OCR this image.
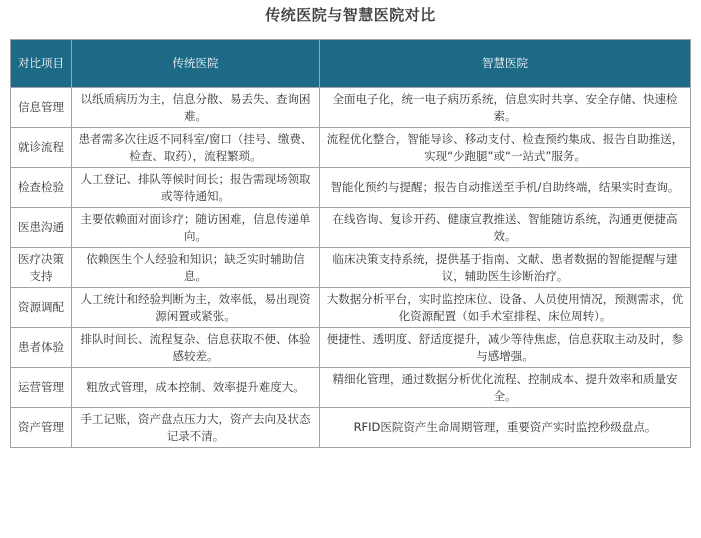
传统医院与智慧医院对比
对比项目	传统医院	智慧医院
信息管理	以纸质病历为主，信息分散、易丢失、查询困难。	全面电子化，统一电子病历系统，信息实时共享、安全存储、快速检索。
就诊流程	患者需多次往返不同科室/窗口（挂号、缴费、检查、取药），流程繁琐。	流程优化整合，智能导诊、移动支付、检查预约集成、报告自助推送，实现“少跑腿”或“一站式”服务。
检查检验	人工登记、排队等候时间长；报告需现场领取或等待通知。	智能化预约与提醒；报告自动推送至手机/自助终端，结果实时查询。
医患沟通	主要依赖面对面诊疗；随访困难，信息传递单向。	在线咨询、复诊开药、健康宣教推送、智能随访系统，沟通更便捷高效。
医疗决策支持	依赖医生个人经验和知识；缺乏实时辅助信息。	临床决策支持系统，提供基于指南、文献、患者数据的智能提醒与建议，辅助医生诊断治疗。
资源调配	人工统计和经验判断为主，效率低，易出现资源闲置或紧张。	大数据分析平台，实时监控床位、设备、人员使用情况，预测需求，优化资源配置（如手术室排程、床位周转）。
患者体验	排队时间长、流程复杂、信息获取不便、体验感较差。	便捷性、透明度、舒适度提升，减少等待焦虑，信息获取主动及时，参与感增强。
运营管理	粗放式管理，成本控制、效率提升难度大。	精细化管理，通过数据分析优化流程、控制成本、提升效率和质量安全。
资产管理	手工记账，资产盘点压力大，资产去向及状态记录不清。	RFID医院资产生命周期管理，重要资产实时监控秒级盘点。
